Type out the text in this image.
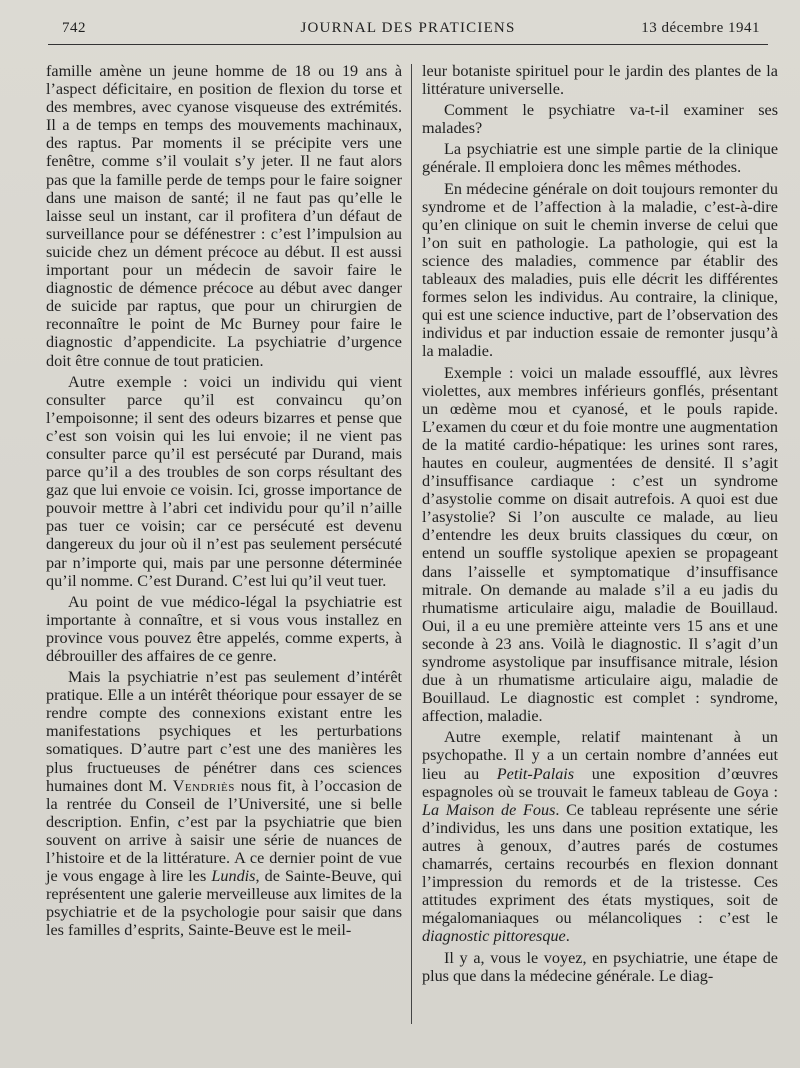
742	JOURNAL DES PRATICIENS	13 décembre 1941

famille amène un jeune homme de 18 ou 19 ans à l’aspect déficitaire, en position de flexion du torse et des membres, avec cyanose visqueuse des extrémités. Il a de temps en temps des mouvements machinaux, des raptus. Par moments il se précipite vers une fenêtre, comme s’il voulait s’y jeter. Il ne faut alors pas que la famille perde de temps pour le faire soigner dans une maison de santé; il ne faut pas qu’elle le laisse seul un instant, car il profitera d’un défaut de surveillance pour se défénestrer : c’est l’impulsion au suicide chez un dément précoce au début. Il est aussi important pour un médecin de savoir faire le diagnostic de démence précoce au début avec danger de suicide par raptus, que pour un chirurgien de reconnaître le point de Mc Burney pour faire le diagnostic d’appendicite. La psychiatrie d’urgence doit être connue de tout praticien.

Autre exemple : voici un individu qui vient consulter parce qu’il est convaincu qu’on l’empoisonne; il sent des odeurs bizarres et pense que c’est son voisin qui les lui envoie; il ne vient pas consulter parce qu’il est persécuté par Durand, mais parce qu’il a des troubles de son corps résultant des gaz que lui envoie ce voisin. Ici, grosse importance de pouvoir mettre à l’abri cet individu pour qu’il n’aille pas tuer ce voisin; car ce persécuté est devenu dangereux du jour où il n’est pas seulement persécuté par n’importe qui, mais par une personne déterminée qu’il nomme. C’est Durand. C’est lui qu’il veut tuer.

Au point de vue médico-légal la psychiatrie est importante à connaître, et si vous vous installez en province vous pouvez être appelés, comme experts, à débrouiller des affaires de ce genre.

Mais la psychiatrie n’est pas seulement d’intérêt pratique. Elle a un intérêt théorique pour essayer de se rendre compte des connexions existant entre les manifestations psychiques et les perturbations somatiques. D’autre part c’est une des manières les plus fructueuses de pénétrer dans ces sciences humaines dont M. Vendriès nous fit, à l’occasion de la rentrée du Conseil de l’Université, une si belle description. Enfin, c’est par la psychiatrie que bien souvent on arrive à saisir une série de nuances de l’histoire et de la littérature. A ce dernier point de vue je vous engage à lire les Lundis, de Sainte-Beuve, qui représentent une galerie merveilleuse aux limites de la psychiatrie et de la psychologie pour saisir que dans les familles d’esprits, Sainte-Beuve est le meil-

leur botaniste spirituel pour le jardin des plantes de la littérature universelle.

Comment le psychiatre va-t-il examiner ses malades?

La psychiatrie est une simple partie de la clinique générale. Il emploiera donc les mêmes méthodes.

En médecine générale on doit toujours remonter du syndrome et de l’affection à la maladie, c’est-à-dire qu’en clinique on suit le chemin inverse de celui que l’on suit en pathologie. La pathologie, qui est la science des maladies, commence par établir des tableaux des maladies, puis elle décrit les différentes formes selon les individus. Au contraire, la clinique, qui est une science inductive, part de l’observation des individus et par induction essaie de remonter jusqu’à la maladie.

Exemple : voici un malade essoufflé, aux lèvres violettes, aux membres inférieurs gonflés, présentant un œdème mou et cyanosé, et le pouls rapide. L’examen du cœur et du foie montre une augmentation de la matité cardio-hépatique: les urines sont rares, hautes en couleur, augmentées de densité. Il s’agit d’insuffisance cardiaque : c’est un syndrome d’asystolie comme on disait autrefois. A quoi est due l’asystolie? Si l’on ausculte ce malade, au lieu d’entendre les deux bruits classiques du cœur, on entend un souffle systolique apexien se propageant dans l’aisselle et symptomatique d’insuffisance mitrale. On demande au malade s’il a eu jadis du rhumatisme articulaire aigu, maladie de Bouillaud. Oui, il a eu une première atteinte vers 15 ans et une seconde à 23 ans. Voilà le diagnostic. Il s’agit d’un syndrome asystolique par insuffisance mitrale, lésion due à un rhumatisme articulaire aigu, maladie de Bouillaud. Le diagnostic est complet : syndrome, affection, maladie.

Autre exemple, relatif maintenant à un psychopathe. Il y a un certain nombre d’années eut lieu au Petit-Palais une exposition d’œuvres espagnoles où se trouvait le fameux tableau de Goya : La Maison de Fous. Ce tableau représente une série d’individus, les uns dans une position extatique, les autres à genoux, d’autres parés de costumes chamarrés, certains recourbés en flexion donnant l’impression du remords et de la tristesse. Ces attitudes expriment des états mystiques, soit de mégalomaniaques ou mélancoliques : c’est le diagnostic pittoresque.

Il y a, vous le voyez, en psychiatrie, une étape de plus que dans la médecine générale. Le diag-
